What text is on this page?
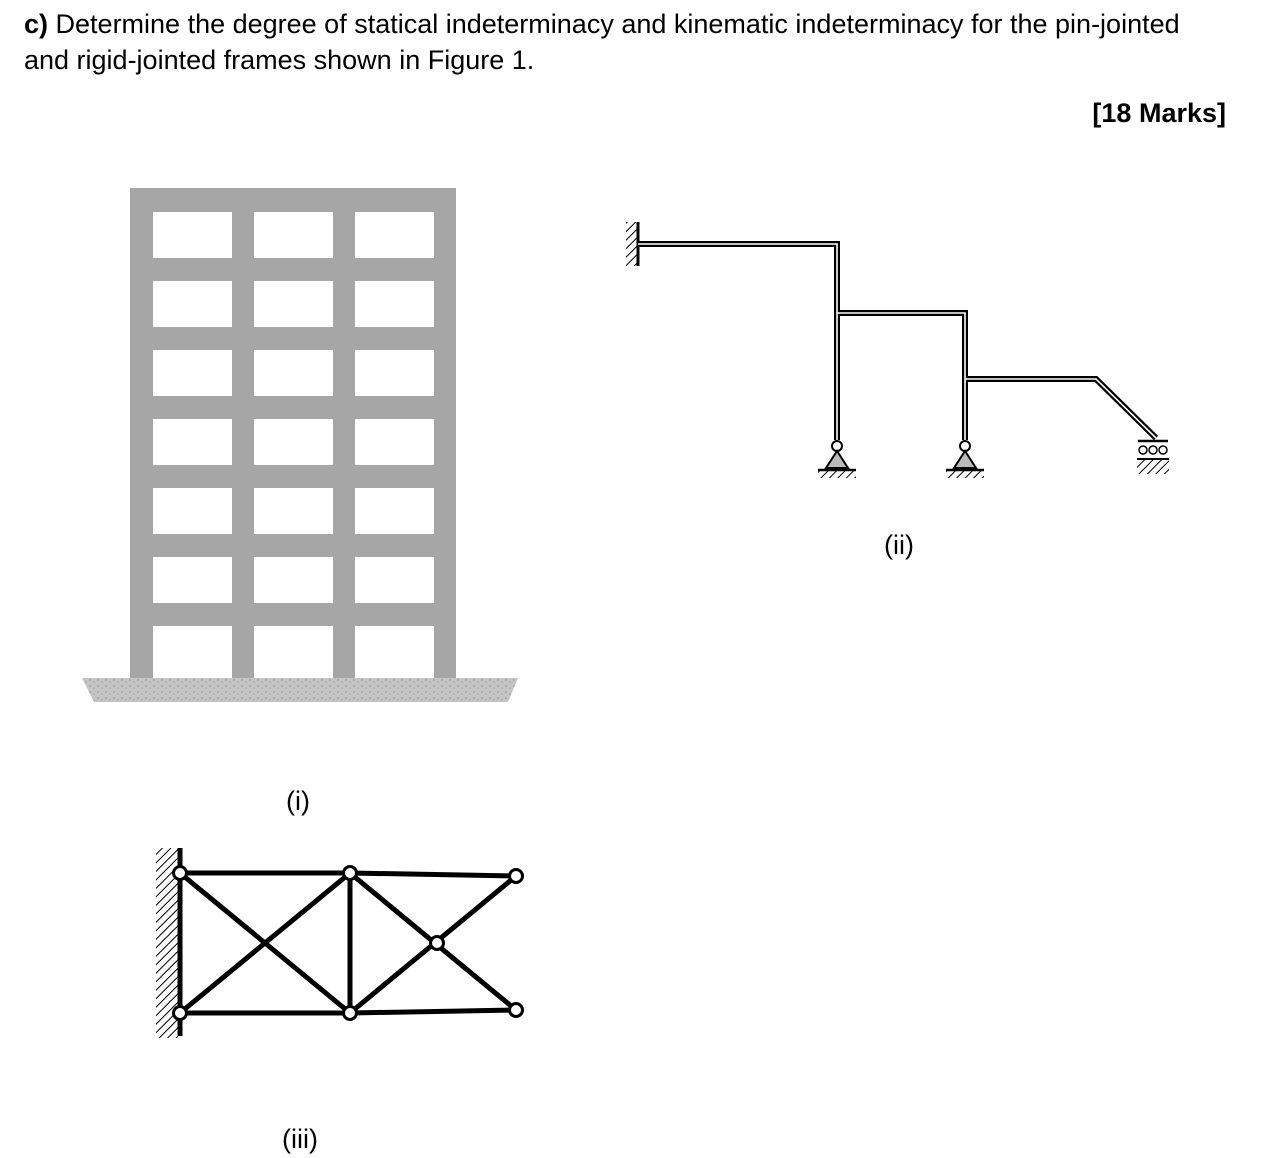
c) Determine the degree of statical indeterminacy and kinematic indeterminacy for the pin-jointed and rigid-jointed frames shown in Figure 1.
[18 Marks]
(i)
(ii)
(iii)
